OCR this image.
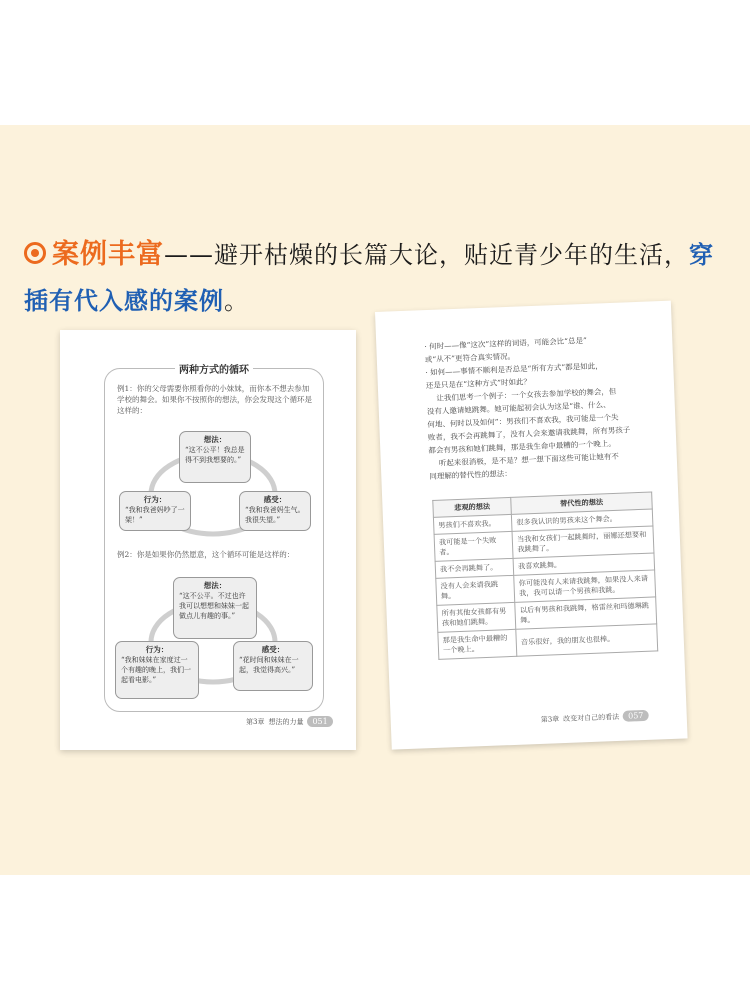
案例丰富——避开枯燥的长篇大论，贴近青少年的生活，穿插有代入感的案例。
两种方式的循环
例1：你的父母需要你照看你的小妹妹，而你本不想去参加学校的舞会。如果你不按照你的想法，你会发现这个循环是这样的：
想法：
“这不公平！我总是得不到我想要的。”
行为：
“我和我爸妈吵了一架！”
感受：
“我和我爸妈生气。我很失望。”
例2：你是如果你仍然愿意，这个循环可能是这样的：
想法：
“这不公平。不过也许我可以想想和妹妹一起做点儿有趣的事。”
行为：
“我和妹妹在家度过一个有趣的晚上，我们一起看电影。”
感受：
“花时间和妹妹在一起，我觉得高兴。”
第3章 想法的力量	051
· 何时——像“这次”这样的词语，可能会比“总是”
或“从不”更符合真实情况。
· 如何——事情不顺利是否总是“所有方式”都是如此，
还是只是在“这种方式”时如此？
让我们思考一个例子：一个女孩去参加学校的舞会，但
没有人邀请她跳舞。她可能起初会认为这是“谁、什么、
何地、何时以及如何”：男孩们不喜欢我，我可能是一个失
败者，我不会再跳舞了，没有人会来邀请我跳舞，所有男孩子
都会有男孩和她们跳舞，那是我生命中最糟的一个晚上。
听起来很消极，是不是？想一想下面这些可能让她有不
同理解的替代性的想法：
悲观的想法	替代性的想法
男孩们不喜欢我。	很多我认识的男孩来这个舞会。
我可能是一个失败者。	当我和女孩们一起跳舞时，丽娜还想要和我跳舞了。
我不会再跳舞了。	我喜欢跳舞。
没有人会来请我跳舞。	你可能没有人来请我跳舞，如果没人来请我，我可以请一个男孩和我跳。
所有其他女孩都有男孩和她们跳舞。	以后有男孩和我跳舞，格雷丝和玛德琳跳舞。
那是我生命中最糟的一个晚上。	音乐很好，我的朋友也很棒。
第3章 改变对自己的看法	057
